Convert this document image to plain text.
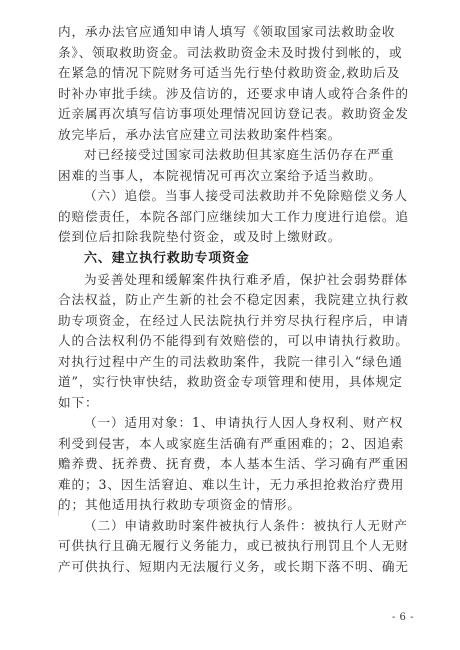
内，承办法官应通知申请人填写《领取国家司法救助金收
条》、领取救助资金。司法救助资金未及时拨付到帐的，或
在紧急的情况下院财务可适当先行垫付救助资金,救助后及
时补办审批手续。涉及信访的，还要求申请人或符合条件的
近亲属再次填写信访事项处理情况回访登记表。救助资金发
放完毕后，承办法官应建立司法救助案件档案。

对已经接受过国家司法救助但其家庭生活仍存在严重
困难的当事人，本院视情况可再次立案给予适当救助。

（六）追偿。当事人接受司法救助并不免除赔偿义务人
的赔偿责任，本院各部门应继续加大工作力度进行追偿。追
偿到位后扣除我院垫付资金，或及时上缴财政。

六、建立执行救助专项资金

为妥善处理和缓解案件执行难矛盾，保护社会弱势群体
合法权益，防止产生新的社会不稳定因素，我院建立执行救
助专项资金，在经过人民法院执行并穷尽执行程序后，申请
人的合法权利仍不能得到有效赔偿的，可以申请执行救助。
对执行过程中产生的司法救助案件，我院一律引入“绿色通
道”，实行快审快结，救助资金专项管理和使用，具体规定
如下：

（一）适用对象：1、申请执行人因人身权利、财产权
利受到侵害，本人或家庭生活确有严重困难的；2、因追索
赡养费、抚养费、抚育费，本人基本生活、学习确有严重困
难的；3、因生活窘迫、难以生计，无力承担抢救治疗费用
的；其他适用执行救助专项资金的情形。

（二）申请救助时案件被执行人条件：被执行人无财产
可供执行且确无履行义务能力，或已被执行刑罚且个人无财
产可供执行、短期内无法履行义务，或长期下落不明、确无

- 6 -
